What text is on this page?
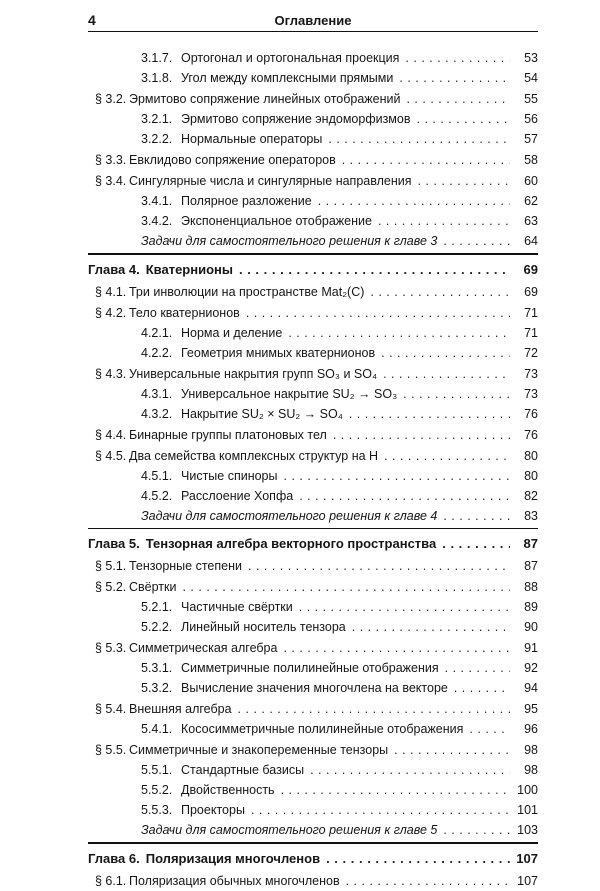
4	Оглавление
3.1.7. Ортогонал и ортогональная проекция . . .	53
3.1.8. Угол между комплексными прямыми . . .	54
§ 3.2. Эрмитово сопряжение линейных отображений . . .	55
3.2.1. Эрмитово сопряжение эндоморфизмов . . .	56
3.2.2. Нормальные операторы . . .	57
§ 3.3. Евклидово сопряжение операторов . . .	58
§ 3.4. Сингулярные числа и сингулярные направления . . .	60
3.4.1. Полярное разложение . . .	62
3.4.2. Экспоненциальное отображение . . .	63
Задачи для самостоятельного решения к главе 3 . . .	64
Глава 4. Кватернионы . . .	69
§ 4.1. Три инволюции на пространстве Mat₂(C) . . .	69
§ 4.2. Тело кватернионов . . .	71
4.2.1. Норма и деление . . .	71
4.2.2. Геометрия мнимых кватернионов . . .	72
§ 4.3. Универсальные накрытия групп SO₃ и SO₄ . . .	73
4.3.1. Универсальное накрытие SU₂ → SO₃ . . .	73
4.3.2. Накрытие SU₂ × SU₂ → SO₄ . . .	76
§ 4.4. Бинарные группы платоновых тел . . .	76
§ 4.5. Два семейства комплексных структур на H . . .	80
4.5.1. Чистые спиноры . . .	80
4.5.2. Расслоение Хопфа . . .	82
Задачи для самостоятельного решения к главе 4 . . .	83
Глава 5. Тензорная алгебра векторного пространства . . .	87
§ 5.1. Тензорные степени . . .	87
§ 5.2. Свёртки . . .	88
5.2.1. Частичные свёртки . . .	89
5.2.2. Линейный носитель тензора . . .	90
§ 5.3. Симметрическая алгебра . . .	91
5.3.1. Симметричные полилинейные отображения . . .	92
5.3.2. Вычисление значения многочлена на векторе . . .	94
§ 5.4. Внешняя алгебра . . .	95
5.4.1. Кососимметричные полилинейные отображения . . .	96
§ 5.5. Симметричные и знакопеременные тензоры . . .	98
5.5.1. Стандартные базисы . . .	98
5.5.2. Двойственность . . .	100
5.5.3. Проекторы . . .	101
Задачи для самостоятельного решения к главе 5 . . .	103
Глава 6. Поляризация многочленов . . .	107
§ 6.1. Поляризация обычных многочленов . . .	107
